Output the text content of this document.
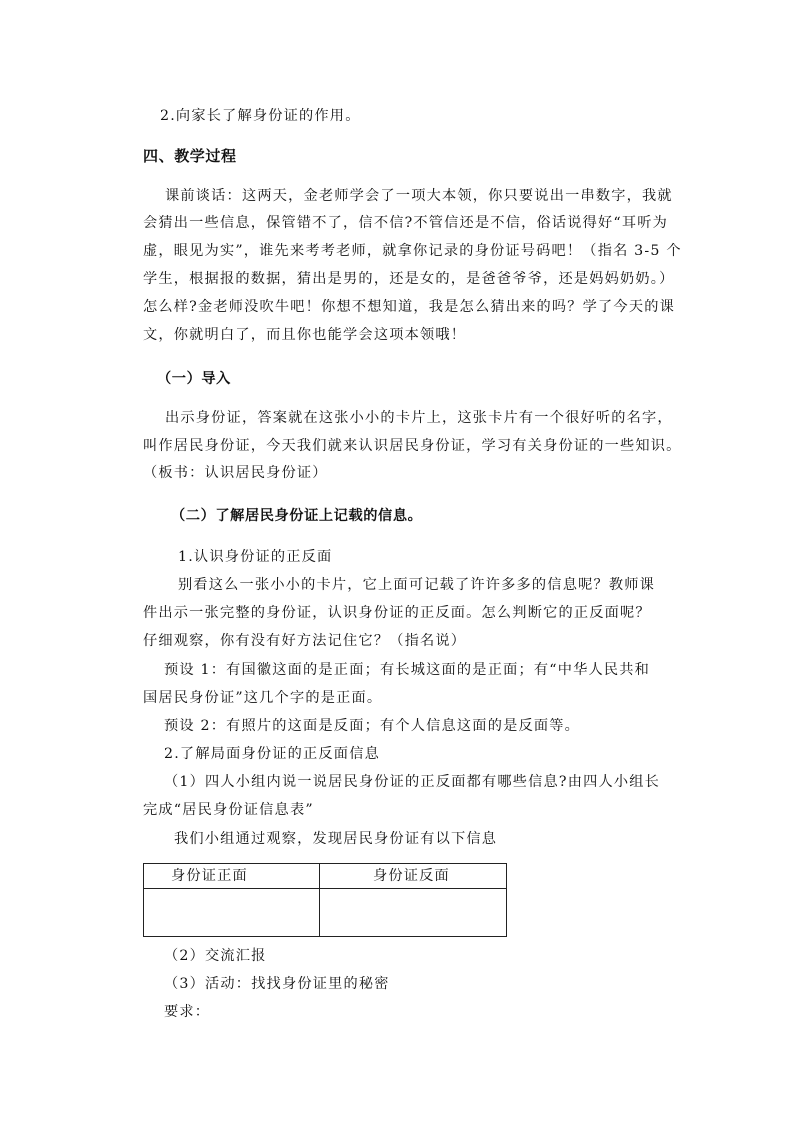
2.向家长了解身份证的作用。
四、教学过程
课前谈话：这两天，金老师学会了一项大本领，你只要说出一串数字，我就
会猜出一些信息，保管错不了，信不信?不管信还是不信，俗话说得好“耳听为
虚，眼见为实”，谁先来考考老师，就拿你记录的身份证号码吧！（指名 3-5 个
学生，根据报的数据，猜出是男的，还是女的，是爸爸爷爷，还是妈妈奶奶。）
怎么样?金老师没吹牛吧！你想不想知道，我是怎么猜出来的吗？学了今天的课
文，你就明白了，而且你也能学会这项本领哦！
（一）导入
出示身份证，答案就在这张小小的卡片上，这张卡片有一个很好听的名字，
叫作居民身份证，今天我们就来认识居民身份证，学习有关身份证的一些知识。
（板书：认识居民身份证）
（二）了解居民身份证上记载的信息。
1.认识身份证的正反面
别看这么一张小小的卡片，它上面可记载了许许多多的信息呢？教师课
件出示一张完整的身份证，认识身份证的正反面。怎么判断它的正反面呢？
仔细观察，你有没有好方法记住它？（指名说）
预设 1：有国徽这面的是正面；有长城这面的是正面；有“中华人民共和
国居民身份证”这几个字的是正面。
预设 2：有照片的这面是反面；有个人信息这面的是反面等。
2.了解局面身份证的正反面信息
（1）四人小组内说一说居民身份证的正反面都有哪些信息?由四人小组长
完成“居民身份证信息表”
我们小组通过观察，发现居民身份证有以下信息
身份证正面	身份证反面
（2）交流汇报
（3）活动：找找身份证里的秘密
要求：
